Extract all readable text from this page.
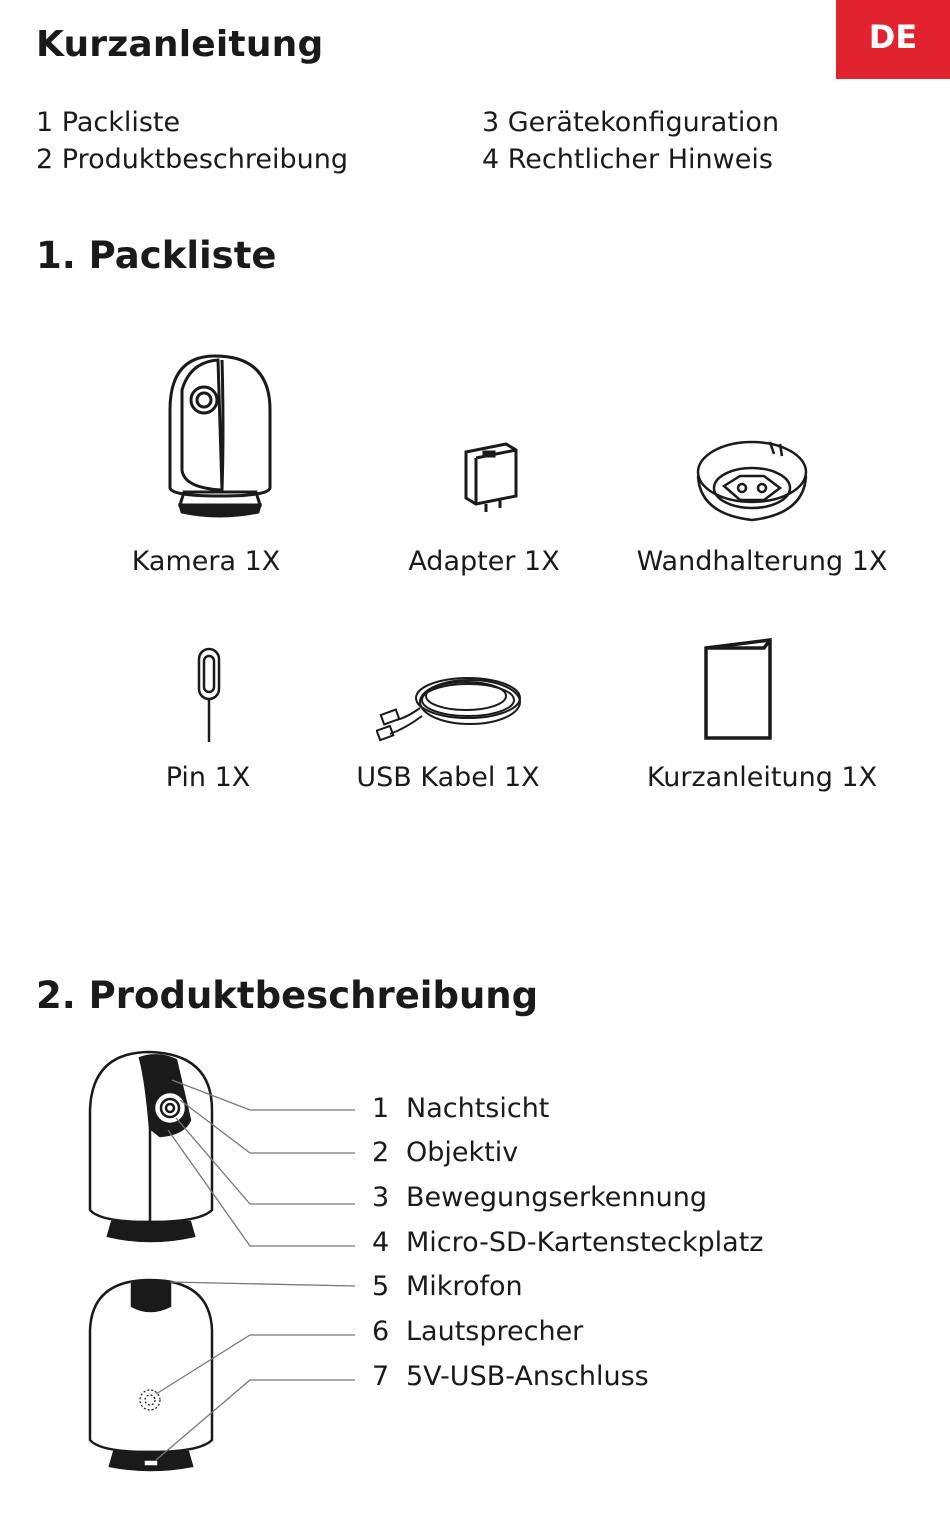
DE
Kurzanleitung
1 Packliste
2 Produktbeschreibung
3 Gerätekonfiguration
4 Rechtlicher Hinweis
1. Packliste
Kamera 1X	Adapter 1X	Wandhalterung 1X
Pin 1X	USB Kabel 1X	Kurzanleitung 1X
2. Produktbeschreibung
1 Nachtsicht
2 Objektiv
3 Bewegungserkennung
4 Micro-SD-Kartensteckplatz
5 Mikrofon
6 Lautsprecher
7 5V-USB-Anschluss
